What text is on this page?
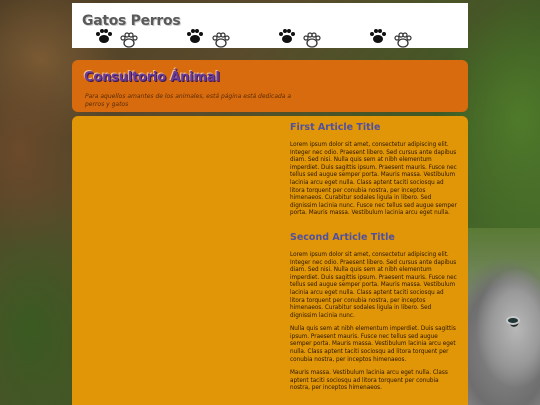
Gatos Perros
Consultorio Ánimal
Para aquellos amantes de los animales, está página está dedicada a perros y gatos
First Article Title
Lorem ipsum dolor sit amet, consectetur adipiscing elit. Integer nec odio. Praesent libero. Sed cursus ante dapibus diam. Sed nisi. Nulla quis sem at nibh elementum imperdiet. Duis sagittis ipsum. Praesent mauris. Fusce nec tellus sed augue semper porta. Mauris massa. Vestibulum lacinia arcu eget nulla. Class aptent taciti sociosqu ad litora torquent per conubia nostra, per inceptos himenaeos. Curabitur sodales ligula in libero. Sed dignissim lacinia nunc. Fusce nec tellus sed augue semper porta. Mauris massa. Vestibulum lacinia arcu eget nulla.
Second Article Title
Lorem ipsum dolor sit amet, consectetur adipiscing elit. Integer nec odio. Praesent libero. Sed cursus ante dapibus diam. Sed nisi. Nulla quis sem at nibh elementum imperdiet. Duis sagittis ipsum. Praesent mauris. Fusce nec tellus sed augue semper porta. Mauris massa. Vestibulum lacinia arcu eget nulla. Class aptent taciti sociosqu ad litora torquent per conubia nostra, per inceptos himenaeos. Curabitur sodales ligula in libero. Sed dignissim lacinia nunc.
Nulla quis sem at nibh elementum imperdiet. Duis sagittis ipsum. Praesent mauris. Fusce nec tellus sed augue semper porta. Mauris massa. Vestibulum lacinia arcu eget nulla. Class aptent taciti sociosqu ad litora torquent per conubia nostra, per inceptos himenaeos.
Mauris massa. Vestibulum lacinia arcu eget nulla. Class aptent taciti sociosqu ad litora torquent per conubia nostra, per inceptos himenaeos.
